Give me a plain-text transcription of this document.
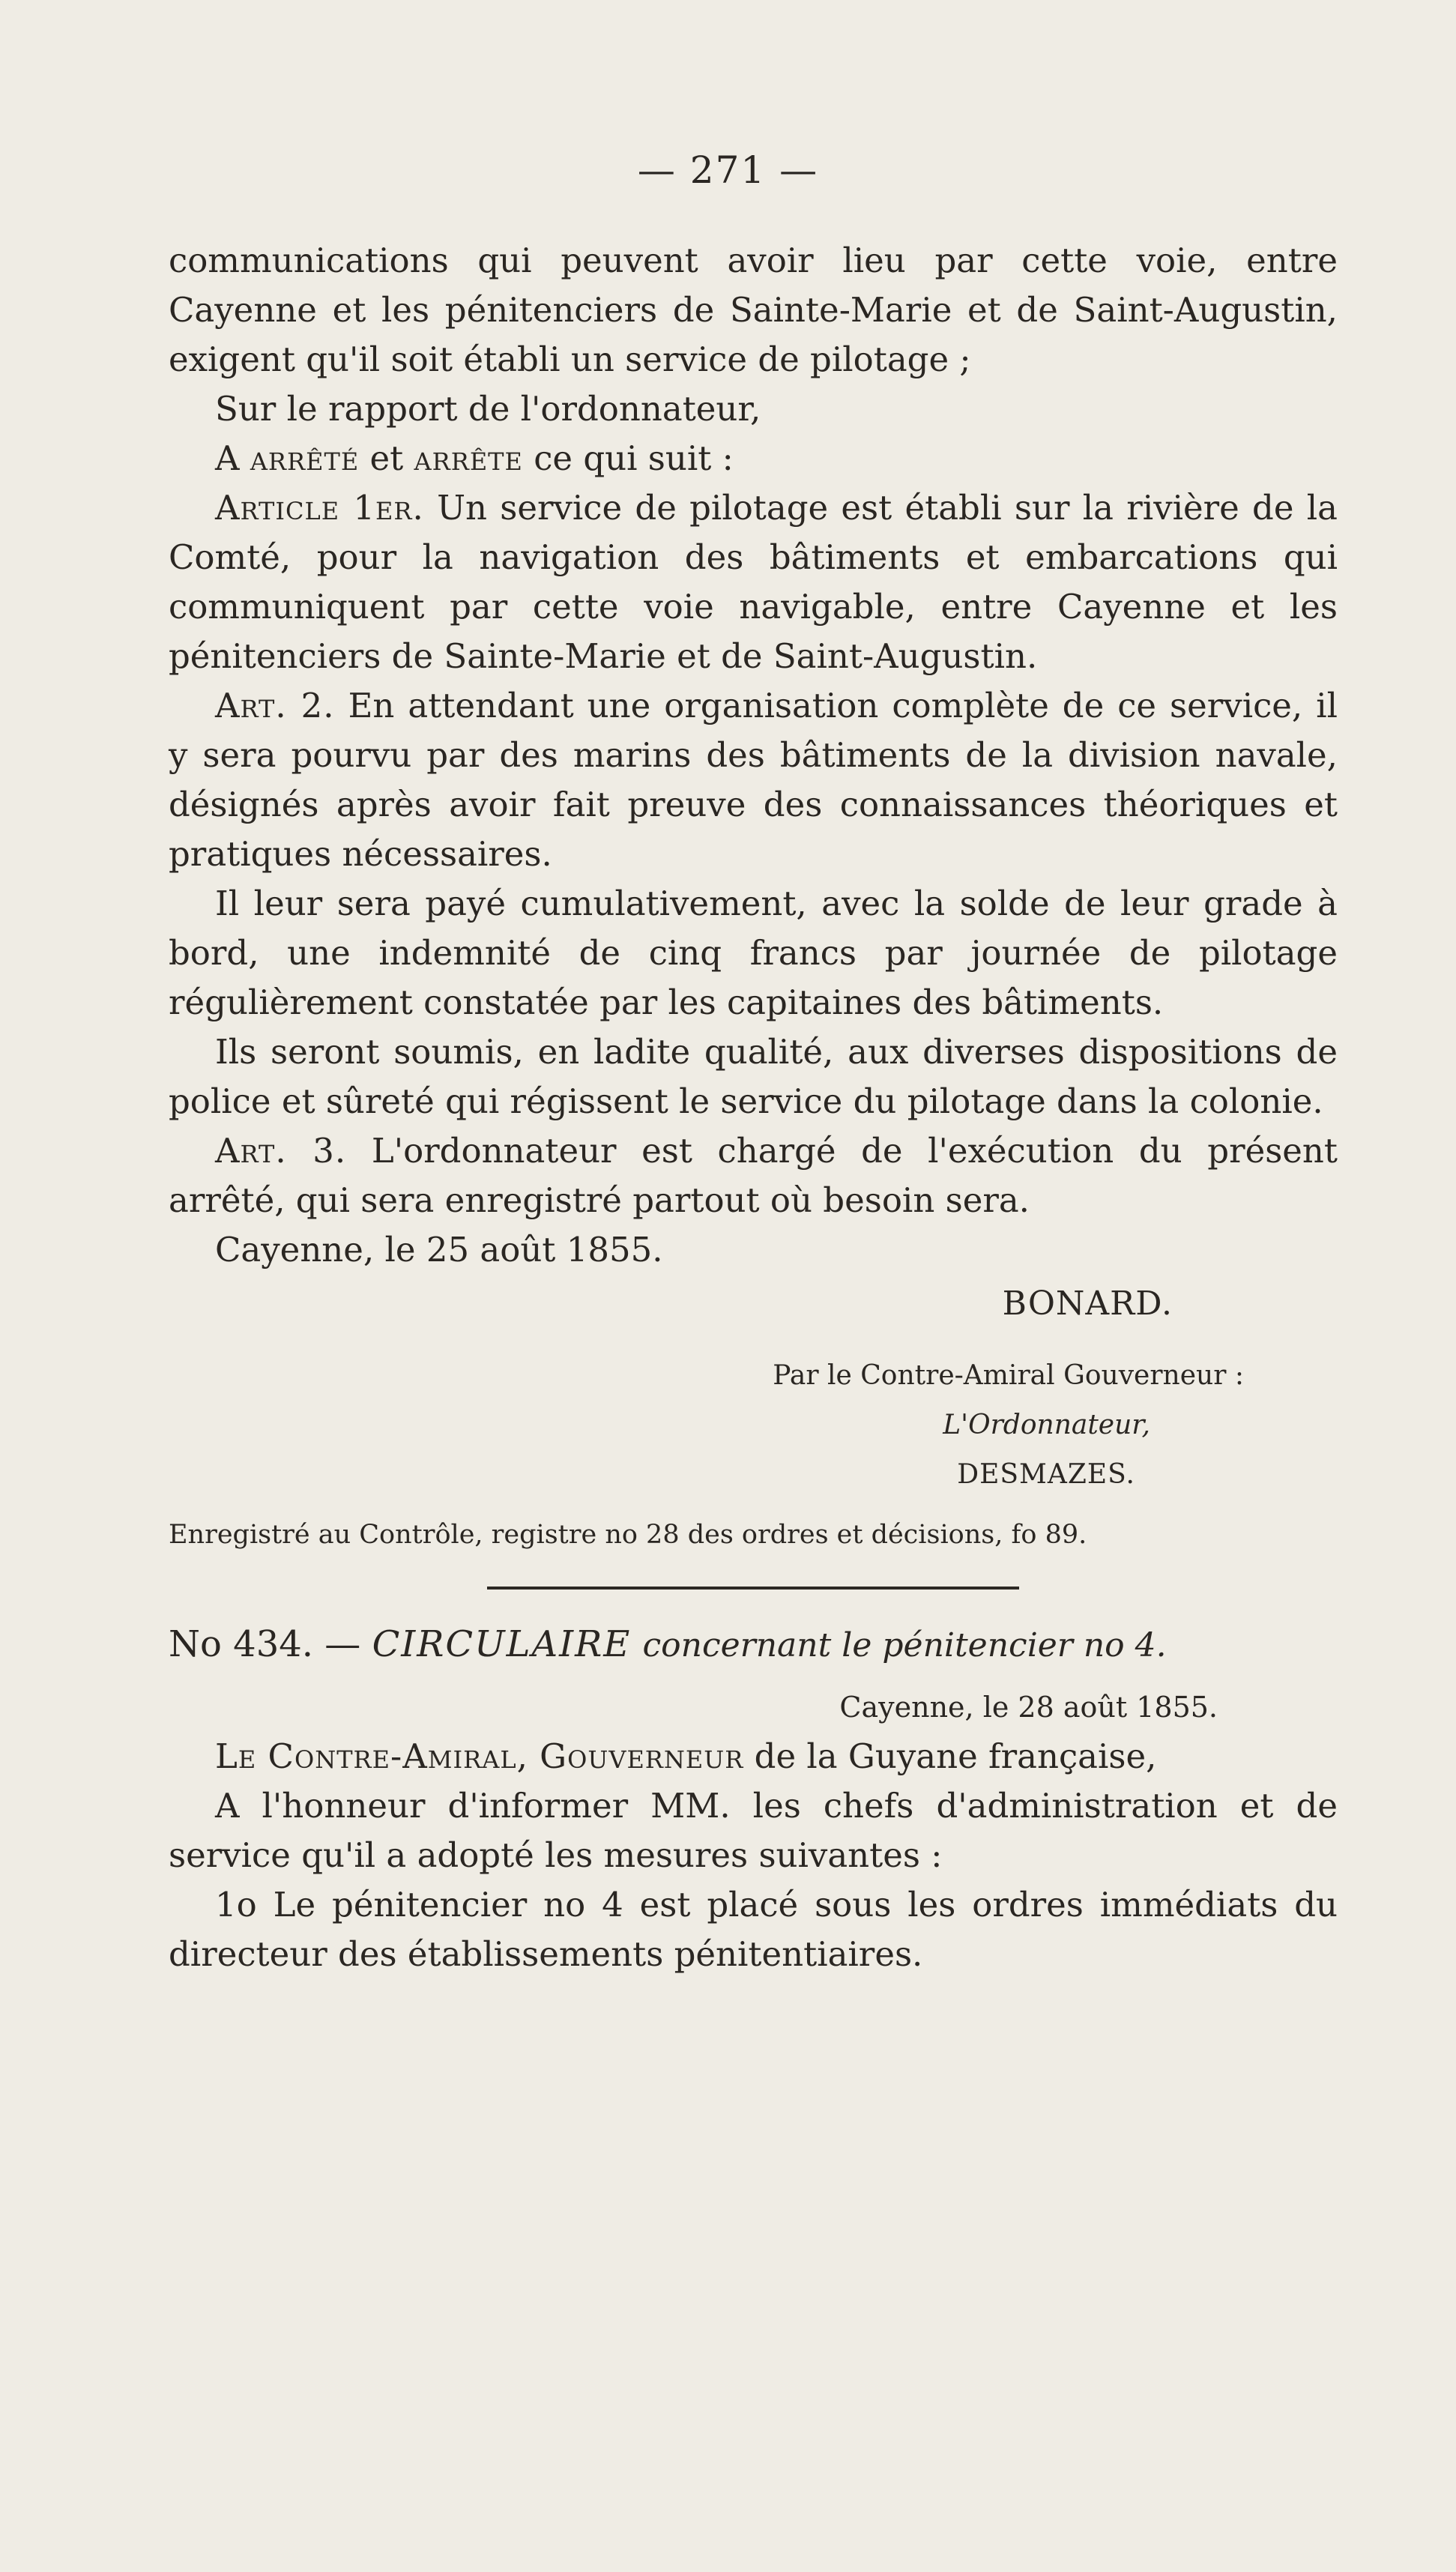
— 271 —

communications qui peuvent avoir lieu par cette voie, entre Cayenne et les pénitenciers de Sainte-Marie et de Saint-Augustin, exigent qu'il soit établi un service de pilotage ;

Sur le rapport de l'ordonnateur,

A arrêté et arrête ce qui suit :

Article 1er. Un service de pilotage est établi sur la rivière de la Comté, pour la navigation des bâtiments et embarcations qui communiquent par cette voie navigable, entre Cayenne et les pénitenciers de Sainte-Marie et de Saint-Augustin.

Art. 2. En attendant une organisation complète de ce service, il y sera pourvu par des marins des bâtiments de la division navale, désignés après avoir fait preuve des connaissances théoriques et pratiques nécessaires.

Il leur sera payé cumulativement, avec la solde de leur grade à bord, une indemnité de cinq francs par journée de pilotage régulièrement constatée par les capitaines des bâtiments.

Ils seront soumis, en ladite qualité, aux diverses dispositions de police et sûreté qui régissent le service du pilotage dans la colonie.

Art. 3. L'ordonnateur est chargé de l'exécution du présent arrêté, qui sera enregistré partout où besoin sera.

Cayenne, le 25 août 1855.

BONARD.

Par le Contre-Amiral Gouverneur :

L'Ordonnateur,

DESMAZES.

Enregistré au Contrôle, registre no 28 des ordres et décisions, fo 89.

No 434. — CIRCULAIRE concernant le pénitencier no 4.

Cayenne, le 28 août 1855.

Le Contre-Amiral, Gouverneur de la Guyane française,

A l'honneur d'informer MM. les chefs d'administration et de service qu'il a adopté les mesures suivantes :

1o Le pénitencier no 4 est placé sous les ordres immédiats du directeur des établissements pénitentiaires.
